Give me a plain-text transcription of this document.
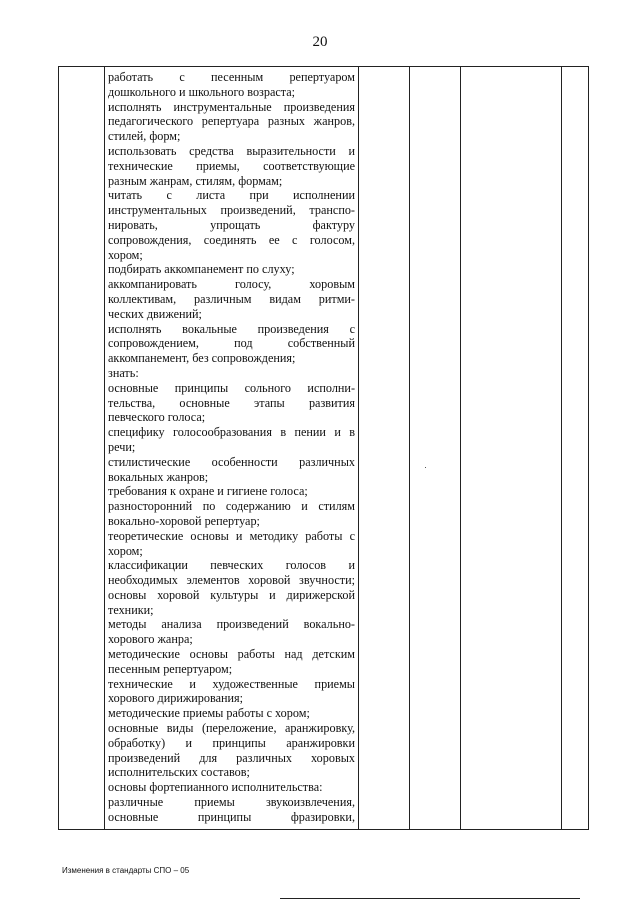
20
работать с песенным репертуаром
дошкольного и школьного возраста;
исполнять инструментальные произведения
педагогического репертуара разных жанров,
стилей, форм;
использовать средства выразительности и
технические приемы, соответствующие
разным жанрам, стилям, формам;
читать с листа при исполнении
инструментальных произведений, транспо-
нировать, упрощать фактуру
сопровождения, соединять ее с голосом,
хором;
подбирать аккомпанемент по слуху;
аккомпанировать голосу, хоровым
коллективам, различным видам ритми-
ческих движений;
исполнять вокальные произведения с
сопровождением, под собственный
аккомпанемент, без сопровождения;
знать:
основные принципы сольного исполни-
тельства, основные этапы развития
певческого голоса;
специфику голосообразования в пении и в
речи;
стилистические особенности различных
вокальных жанров;
требования к охране и гигиене голоса;
разносторонний по содержанию и стилям
вокально-хоровой репертуар;
теоретические основы и методику работы с
хором;
классификации певческих голосов и
необходимых элементов хоровой звучности;
основы хоровой культуры и дирижерской
техники;
методы анализа произведений вокально-
хорового жанра;
методические основы работы над детским
песенным репертуаром;
технические и художественные приемы
хорового дирижирования;
методические приемы работы с хором;
основные виды (переложение, аранжировку,
обработку) и принципы аранжировки
произведений для различных хоровых
исполнительских составов;
основы фортепианного исполнительства:
различные приемы звукоизвлечения,
основные принципы фразировки,
Изменения в стандарты СПО – 05
